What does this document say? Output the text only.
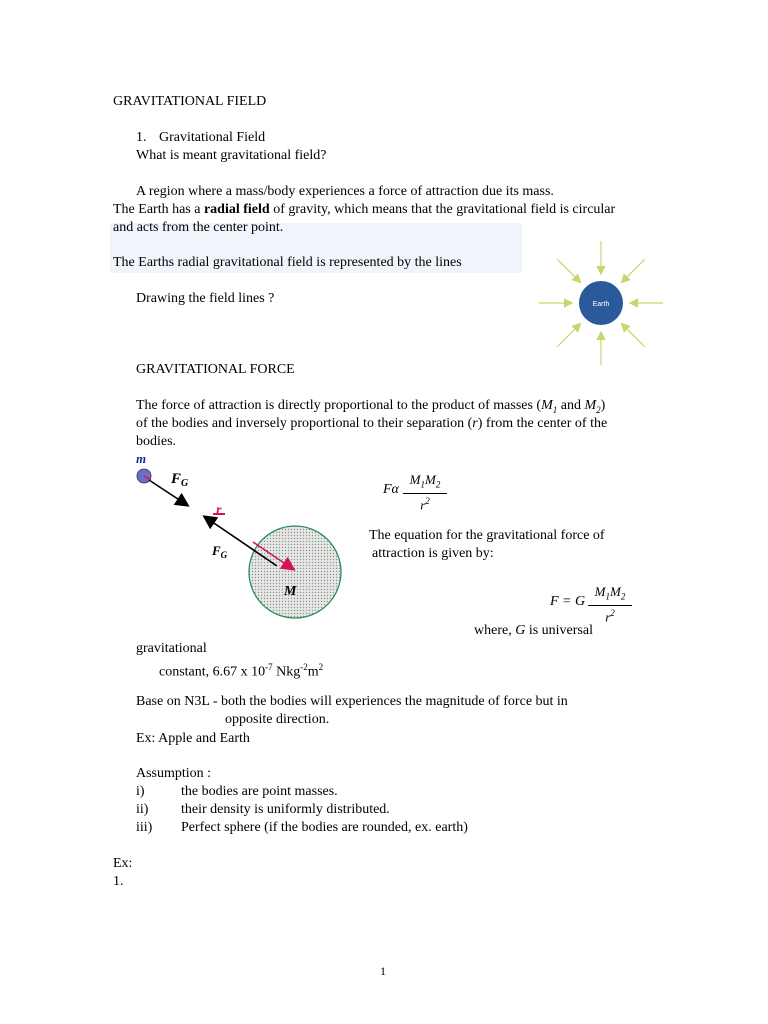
GRAVITATIONAL FIELD
1. Gravitational Field
What is meant gravitational field?
A region where a mass/body experiences a force of attraction due its mass.
The Earth has a radial field of gravity, which means that the gravitational field is circular
and acts from the center point.
The Earths radial gravitational field is represented by the lines
Drawing the field lines ?	Earth
GRAVITATIONAL FORCE
The force of attraction is directly proportional to the product of masses ($M_1$ and $M_2$)
of the bodies and inversely proportional to their separation (r) from the center of the
bodies.
m
$F_G$
r
$F_G$
M
Fα $\frac{M_1M_2}{r^2}$
The equation for the gravitational force of
attraction is given by:
F = G $\frac{M_1M_2}{r^2}$
where, G is universal
gravitational
constant, 6.67 x $10^{-7}$ $Nkg^{-2}m^2$
Base on N3L - both the bodies will experiences the magnitude of force but in
opposite direction.
Ex: Apple and Earth
Assumption :
i)	the bodies are point masses.
ii) their density is uniformly distributed.
iii) Perfect sphere (if the bodies are rounded, ex. earth)
Ex:
1.
1
